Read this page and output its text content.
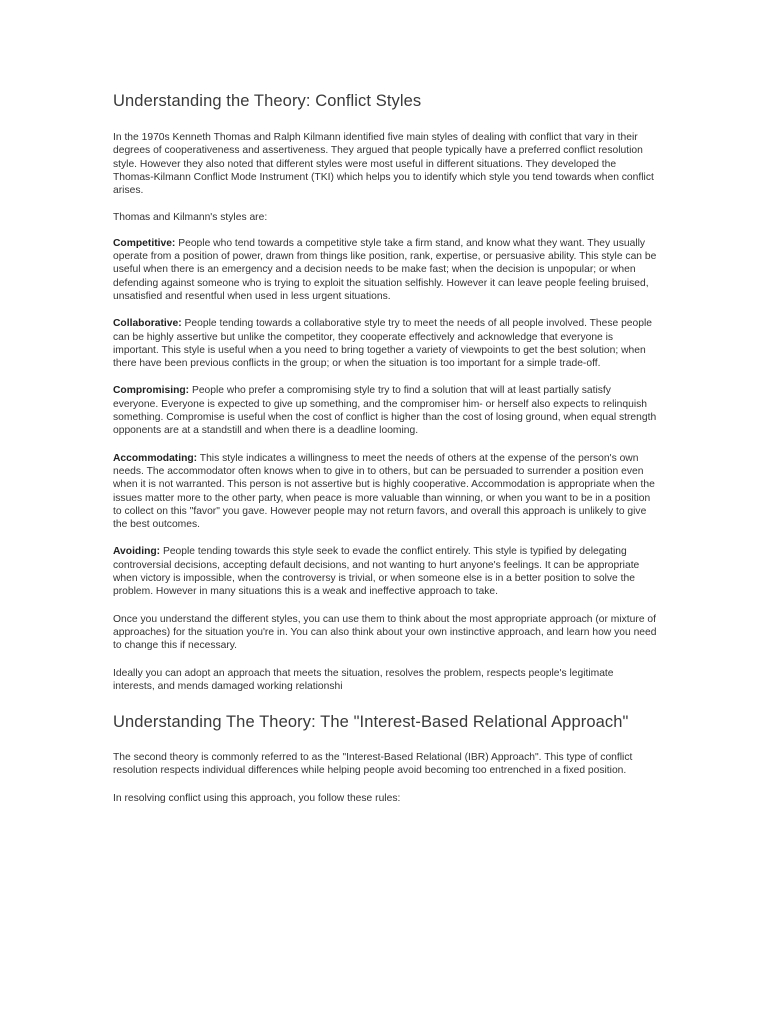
Understanding the Theory: Conflict Styles

In the 1970s Kenneth Thomas and Ralph Kilmann identified five main styles of dealing with conflict that vary in their degrees of cooperativeness and assertiveness. They argued that people typically have a preferred conflict resolution style. However they also noted that different styles were most useful in different situations. They developed the Thomas-Kilmann Conflict Mode Instrument (TKI) which helps you to identify which style you tend towards when conflict arises.

Thomas and Kilmann's styles are:

Competitive: People who tend towards a competitive style take a firm stand, and know what they want. They usually operate from a position of power, drawn from things like position, rank, expertise, or persuasive ability. This style can be useful when there is an emergency and a decision needs to be make fast; when the decision is unpopular; or when defending against someone who is trying to exploit the situation selfishly. However it can leave people feeling bruised, unsatisfied and resentful when used in less urgent situations.

Collaborative: People tending towards a collaborative style try to meet the needs of all people involved. These people can be highly assertive but unlike the competitor, they cooperate effectively and acknowledge that everyone is important. This style is useful when a you need to bring together a variety of viewpoints to get the best solution; when there have been previous conflicts in the group; or when the situation is too important for a simple trade-off.

Compromising: People who prefer a compromising style try to find a solution that will at least partially satisfy everyone. Everyone is expected to give up something, and the compromiser him- or herself also expects to relinquish something. Compromise is useful when the cost of conflict is higher than the cost of losing ground, when equal strength opponents are at a standstill and when there is a deadline looming.

Accommodating: This style indicates a willingness to meet the needs of others at the expense of the person's own needs. The accommodator often knows when to give in to others, but can be persuaded to surrender a position even when it is not warranted. This person is not assertive but is highly cooperative. Accommodation is appropriate when the issues matter more to the other party, when peace is more valuable than winning, or when you want to be in a position to collect on this "favor" you gave. However people may not return favors, and overall this approach is unlikely to give the best outcomes.

Avoiding: People tending towards this style seek to evade the conflict entirely. This style is typified by delegating controversial decisions, accepting default decisions, and not wanting to hurt anyone's feelings. It can be appropriate when victory is impossible, when the controversy is trivial, or when someone else is in a better position to solve the problem. However in many situations this is a weak and ineffective approach to take.

Once you understand the different styles, you can use them to think about the most appropriate approach (or mixture of approaches) for the situation you're in. You can also think about your own instinctive approach, and learn how you need to change this if necessary.

Ideally you can adopt an approach that meets the situation, resolves the problem, respects people's legitimate interests, and mends damaged working relationshi

Understanding The Theory: The "Interest-Based Relational Approach"

The second theory is commonly referred to as the "Interest-Based Relational (IBR) Approach". This type of conflict resolution respects individual differences while helping people avoid becoming too entrenched in a fixed position.

In resolving conflict using this approach, you follow these rules:
